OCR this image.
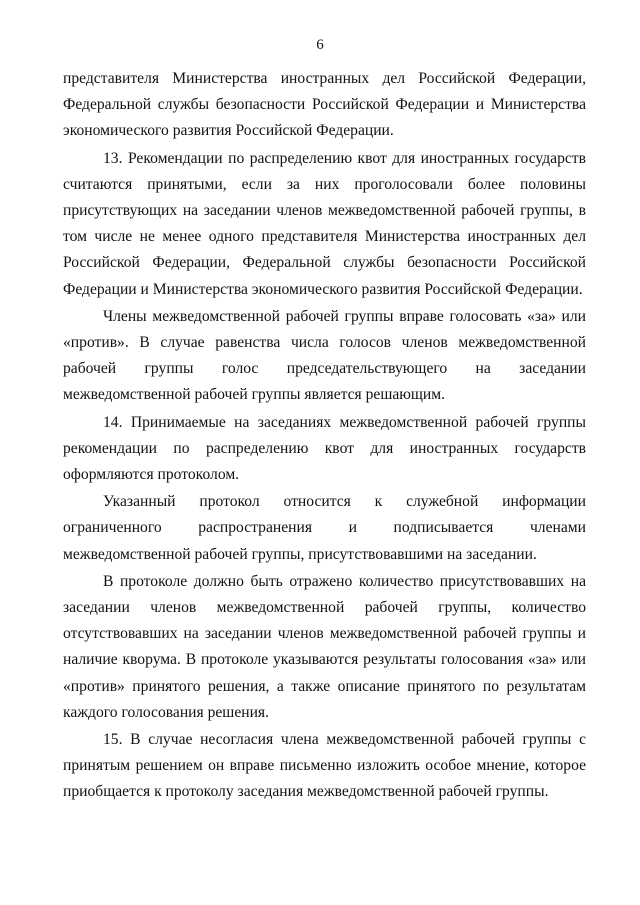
6

представителя Министерства иностранных дел Российской Федерации, Федеральной службы безопасности Российской Федерации и Министерства экономического развития Российской Федерации.

13. Рекомендации по распределению квот для иностранных государств считаются принятыми, если за них проголосовали более половины присутствующих на заседании членов межведомственной рабочей группы, в том числе не менее одного представителя Министерства иностранных дел Российской Федерации, Федеральной службы безопасности Российской Федерации и Министерства экономического развития Российской Федерации.

Члены межведомственной рабочей группы вправе голосовать «за» или «против». В случае равенства числа голосов членов межведомственной рабочей группы голос председательствующего на заседании межведомственной рабочей группы является решающим.

14. Принимаемые на заседаниях межведомственной рабочей группы рекомендации по распределению квот для иностранных государств оформляются протоколом.

Указанный протокол относится к служебной информации ограниченного распространения и подписывается членами межведомственной рабочей группы, присутствовавшими на заседании.

В протоколе должно быть отражено количество присутствовавших на заседании членов межведомственной рабочей группы, количество отсутствовавших на заседании членов межведомственной рабочей группы и наличие кворума. В протоколе указываются результаты голосования «за» или «против» принятого решения, а также описание принятого по результатам каждого голосования решения.

15. В случае несогласия члена межведомственной рабочей группы с принятым решением он вправе письменно изложить особое мнение, которое приобщается к протоколу заседания межведомственной рабочей группы.
